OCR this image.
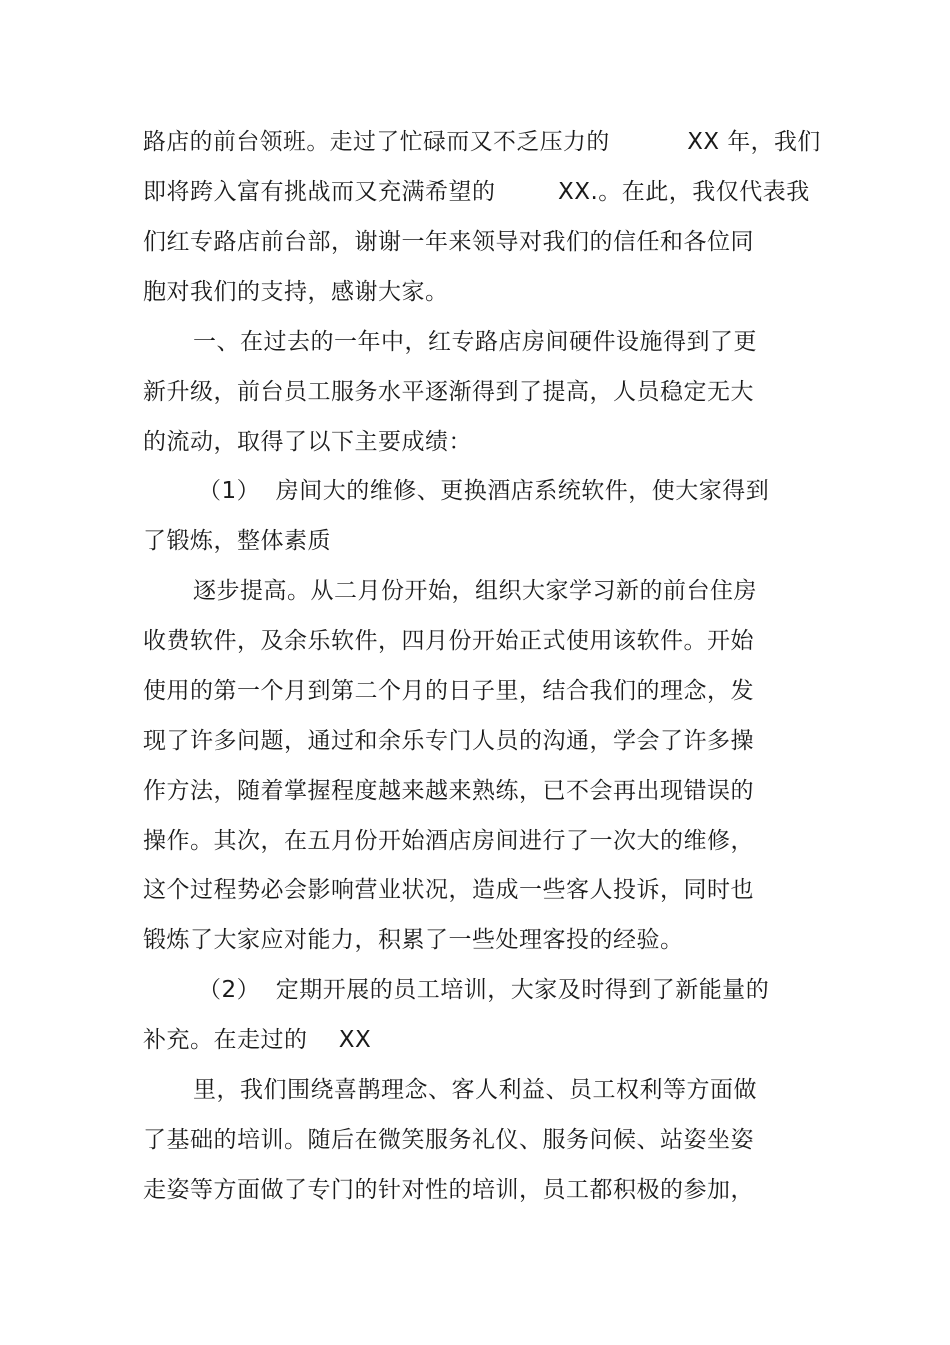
路店的前台领班。走过了忙碌而又不乏压力的          XX 年，我们
即将跨入富有挑战而又充满希望的        XX.。在此，我仅代表我
们红专路店前台部，谢谢一年来领导对我们的信任和各位同
胞对我们的支持，感谢大家。
一、在过去的一年中，红专路店房间硬件设施得到了更
新升级，前台员工服务水平逐渐得到了提高，人员稳定无大
的流动，取得了以下主要成绩：
（1）  房间大的维修、更换酒店系统软件，使大家得到
了锻炼，整体素质
逐步提高。从二月份开始，组织大家学习新的前台住房
收费软件，及余乐软件，四月份开始正式使用该软件。开始
使用的第一个月到第二个月的日子里，结合我们的理念，发
现了许多问题，通过和余乐专门人员的沟通，学会了许多操
作方法，随着掌握程度越来越来熟练，已不会再出现错误的
操作。其次，在五月份开始酒店房间进行了一次大的维修，
这个过程势必会影响营业状况，造成一些客人投诉，同时也
锻炼了大家应对能力，积累了一些处理客投的经验。
（2）  定期开展的员工培训，大家及时得到了新能量的
补充。在走过的    XX
里，我们围绕喜鹊理念、客人利益、员工权利等方面做
了基础的培训。随后在微笑服务礼仪、服务问候、站姿坐姿
走姿等方面做了专门的针对性的培训，员工都积极的参加，
